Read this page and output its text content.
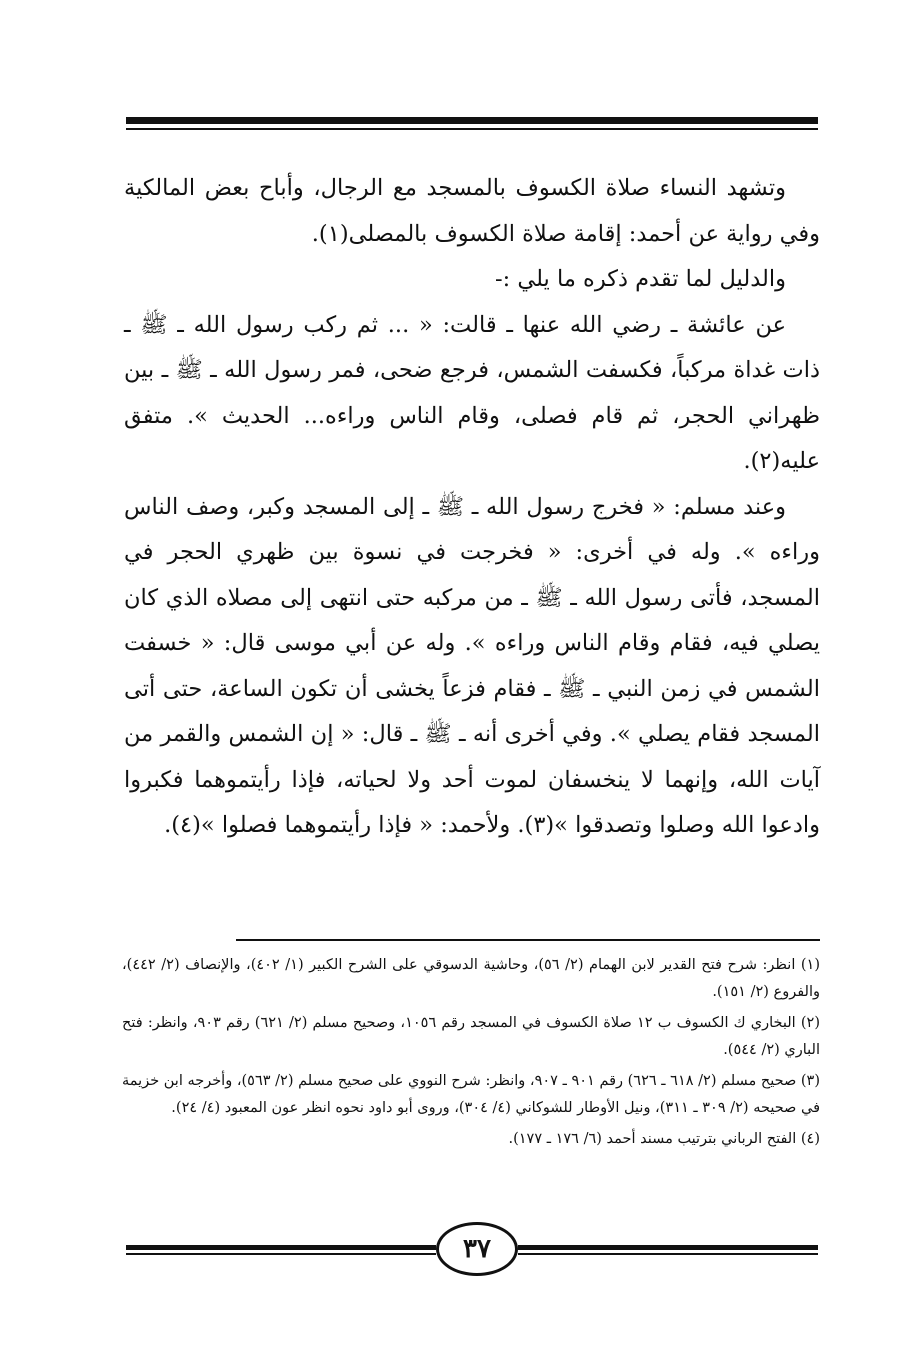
وتشهد النساء صلاة الكسوف بالمسجد مع الرجال، وأباح بعض المالكية وفي رواية عن أحمد: إقامة صلاة الكسوف بالمصلى(١).

والدليل لما تقدم ذكره ما يلي :-

عن عائشة ـ رضي الله عنها ـ قالت: « ... ثم ركب رسول الله ـ ﷺ ـ ذات غداة مركباً، فكسفت الشمس، فرجع ضحى، فمر رسول الله ـ ﷺ ـ بين ظهراني الحجر، ثم قام فصلى، وقام الناس وراءه... الحديث ». متفق عليه(٢).

وعند مسلم: « فخرج رسول الله ـ ﷺ ـ إلى المسجد وكبر، وصف الناس وراءه ». وله في أخرى: « فخرجت في نسوة بين ظهري الحجر في المسجد، فأتى رسول الله ـ ﷺ ـ من مركبه حتى انتهى إلى مصلاه الذي كان يصلي فيه، فقام وقام الناس وراءه ». وله عن أبي موسى قال: « خسفت الشمس في زمن النبي ـ ﷺ ـ فقام فزعاً يخشى أن تكون الساعة، حتى أتى المسجد فقام يصلي ». وفي أخرى أنه ـ ﷺ ـ قال: « إن الشمس والقمر من آيات الله، وإنهما لا ينخسفان لموت أحد ولا لحياته، فإذا رأيتموهما فكبروا وادعوا الله وصلوا وتصدقوا »(٣). ولأحمد: « فإذا رأيتموهما فصلوا »(٤).

(١) انظر: شرح فتح القدير لابن الهمام (٢/ ٥٦)، وحاشية الدسوقي على الشرح الكبير (١/ ٤٠٢)، والإنصاف (٢/ ٤٤٢)، والفروع (٢/ ١٥١).

(٢) البخاري ك الكسوف ب ١٢ صلاة الكسوف في المسجد رقم ١٠٥٦، وصحيح مسلم (٢/ ٦٢١) رقم ٩٠٣، وانظر: فتح الباري (٢/ ٥٤٤).

(٣) صحيح مسلم (٢/ ٦١٨ ـ ٦٢٦) رقم ٩٠١ ـ ٩٠٧، وانظر: شرح النووي على صحيح مسلم (٢/ ٥٦٣)، وأخرجه ابن خزيمة في صحيحه (٢/ ٣٠٩ ـ ٣١١)، ونيل الأوطار للشوكاني (٤/ ٣٠٤)، وروى أبو داود نحوه انظر عون المعبود (٤/ ٢٤).

(٤) الفتح الرباني بترتيب مسند أحمد (٦/ ١٧٦ ـ ١٧٧).

٣٧
